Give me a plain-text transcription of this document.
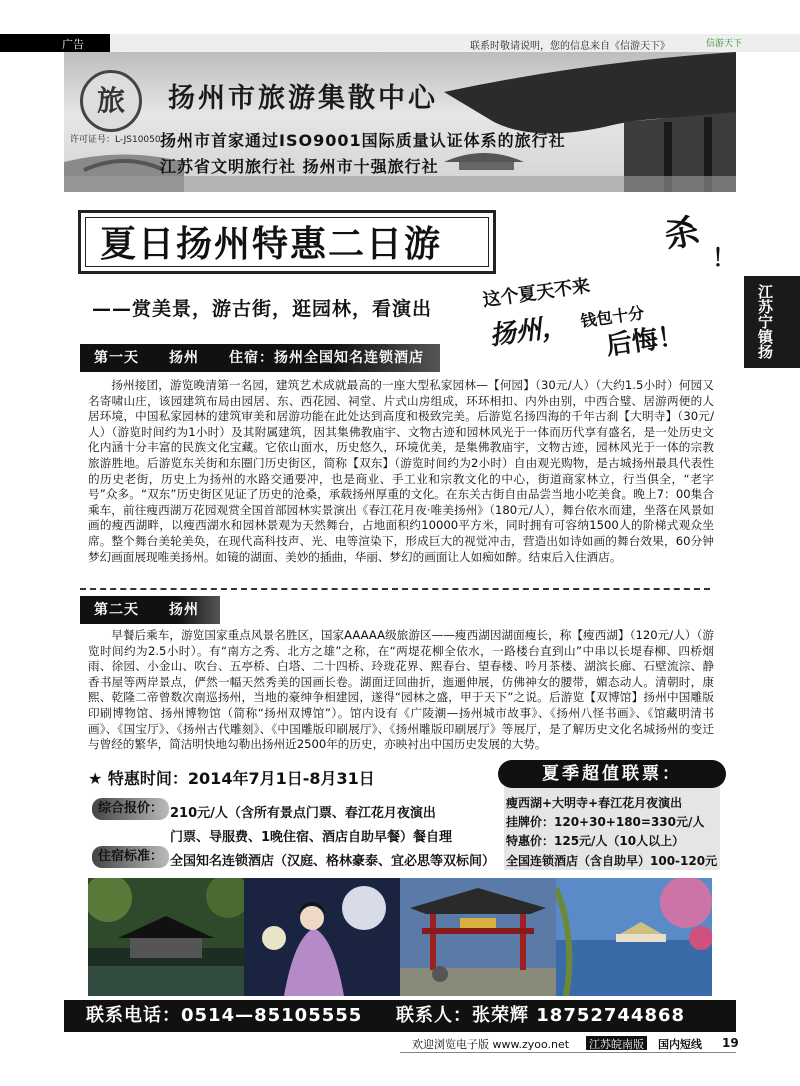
广告	联系时敬请说明，您的信息来自《信游天下》	信游天下
旅	扬州市旅游集散中心
许可证号：L-JS10050 扬州市首家通过ISO9001国际质量认证体系的旅行社
江苏省文明旅行社 扬州市十强旅行社
夏日扬州特惠二日游	杀
！
——赏美景，游古街，逛园林，看演出	这个夏天不来
扬州， 钱包十分
后悔！	江苏宁镇扬
第一天　　扬州　　住宿：扬州全国知名连锁酒店
扬州接团，游览晚清第一名园，建筑艺术成就最高的一座大型私家园林—【何园】（30元/人）（大约1.5小时）何园又名寄啸山庄，该园建筑布局由园居、东、西花园、祠堂、片式山房组成，环环相扣、内外由别，中西合璧、居游两便的人居环境，中国私家园林的建筑审美和居游功能在此处达到高度和极致完美。后游览名扬四海的千年古刹【大明寺】（30元/人）（游览时间约为1小时）及其附属建筑，因其集佛教庙宇、文物古迹和园林风光于一体而历代享有盛名，是一处历史文化内涵十分丰富的民族文化宝藏。它依山面水，历史悠久，环境优美，是集佛教庙宇，文物古迹，园林风光于一体的宗教旅游胜地。后游览东关街和东圈门历史街区，简称【双东】（游览时间约为2小时）自由观光购物，是古城扬州最具代表性的历史老街，历史上为扬州的水路交通要冲，也是商业、手工业和宗教文化的中心，街道商家林立，行当俱全，“老字号”众多。“双东”历史街区见证了历史的沧桑，承载扬州厚重的文化。在东关古街自由品尝当地小吃美食。晚上7：00集合乘车，前往瘦西湖万花园观赏全国首部园林实景演出《春江花月夜·唯美扬州》（180元/人），舞台依水而建，坐落在风景如画的瘦西湖畔，以瘦西湖水和园林景观为天然舞台，占地面积约10000平方米，同时拥有可容纳1500人的阶梯式观众坐席。整个舞台美轮美奂，在现代高科技声、光、电等渲染下，形成巨大的视觉冲击，营造出如诗如画的舞台效果，60分钟梦幻画面展现唯美扬州。如镜的湖面、美妙的插曲，华丽、梦幻的画面让人如痴如醉。结束后入住酒店。
第二天　　扬州
早餐后乘车，游览国家重点风景名胜区，国家AAAAA级旅游区——瘦西湖因湖面瘦长，称【瘦西湖】（120元/人）（游览时间约为2.5小时）。有“南方之秀、北方之雄”之称，在“两堤花柳全依水，一路楼台直到山”中串以长堤春柳、四桥烟雨、徐园、小金山、吹台、五亭桥、白塔、二十四桥、玲珑花界、熙春台、望春楼、吟月茶楼、湖滨长廊、石壁流淙、静香书屋等两岸景点，俨然一幅天然秀美的国画长卷。湖面迂回曲折，迤逦伸展，仿佛神女的腰带，媚态动人。清朝时，康熙、乾隆二帝曾数次南巡扬州，当地的豪绅争相建园，遂得“园林之盛，甲于天下”之说。后游览【双博馆】扬州中国雕版印刷博物馆、扬州博物馆（简称“扬州双博馆”）。馆内设有《广陵潮—扬州城市故事》、《扬州八怪书画》、《馆藏明清书画》、《国宝厅》、《扬州古代雕刻》、《中国雕版印刷展厅》、《扬州雕版印刷展厅》等展厅，是了解历史文化名城扬州的变迁与曾经的繁华，简洁明快地勾勒出扬州近2500年的历史，亦映衬出中国历史发展的大势。
★ 特惠时间：2014年7月1日-8月31日
综合报价： 210元/人（含所有景点门票、春江花月夜演出
门票、导服费、1晚住宿、酒店自助早餐）餐自理
住宿标准： 全国知名连锁酒店（汉庭、格林豪泰、宜必思等双标间）
夏季超值联票：
瘦西湖+大明寺+春江花月夜演出
挂牌价：120+30+180=330元/人
特惠价：125元/人（10人以上）
全国连锁酒店（含自助早）100-120元
联系电话：0514—85105555 联系人：张荣辉 18752744868
欢迎浏览电子版 www.zyoo.net 江苏皖南版 国内短线 19
